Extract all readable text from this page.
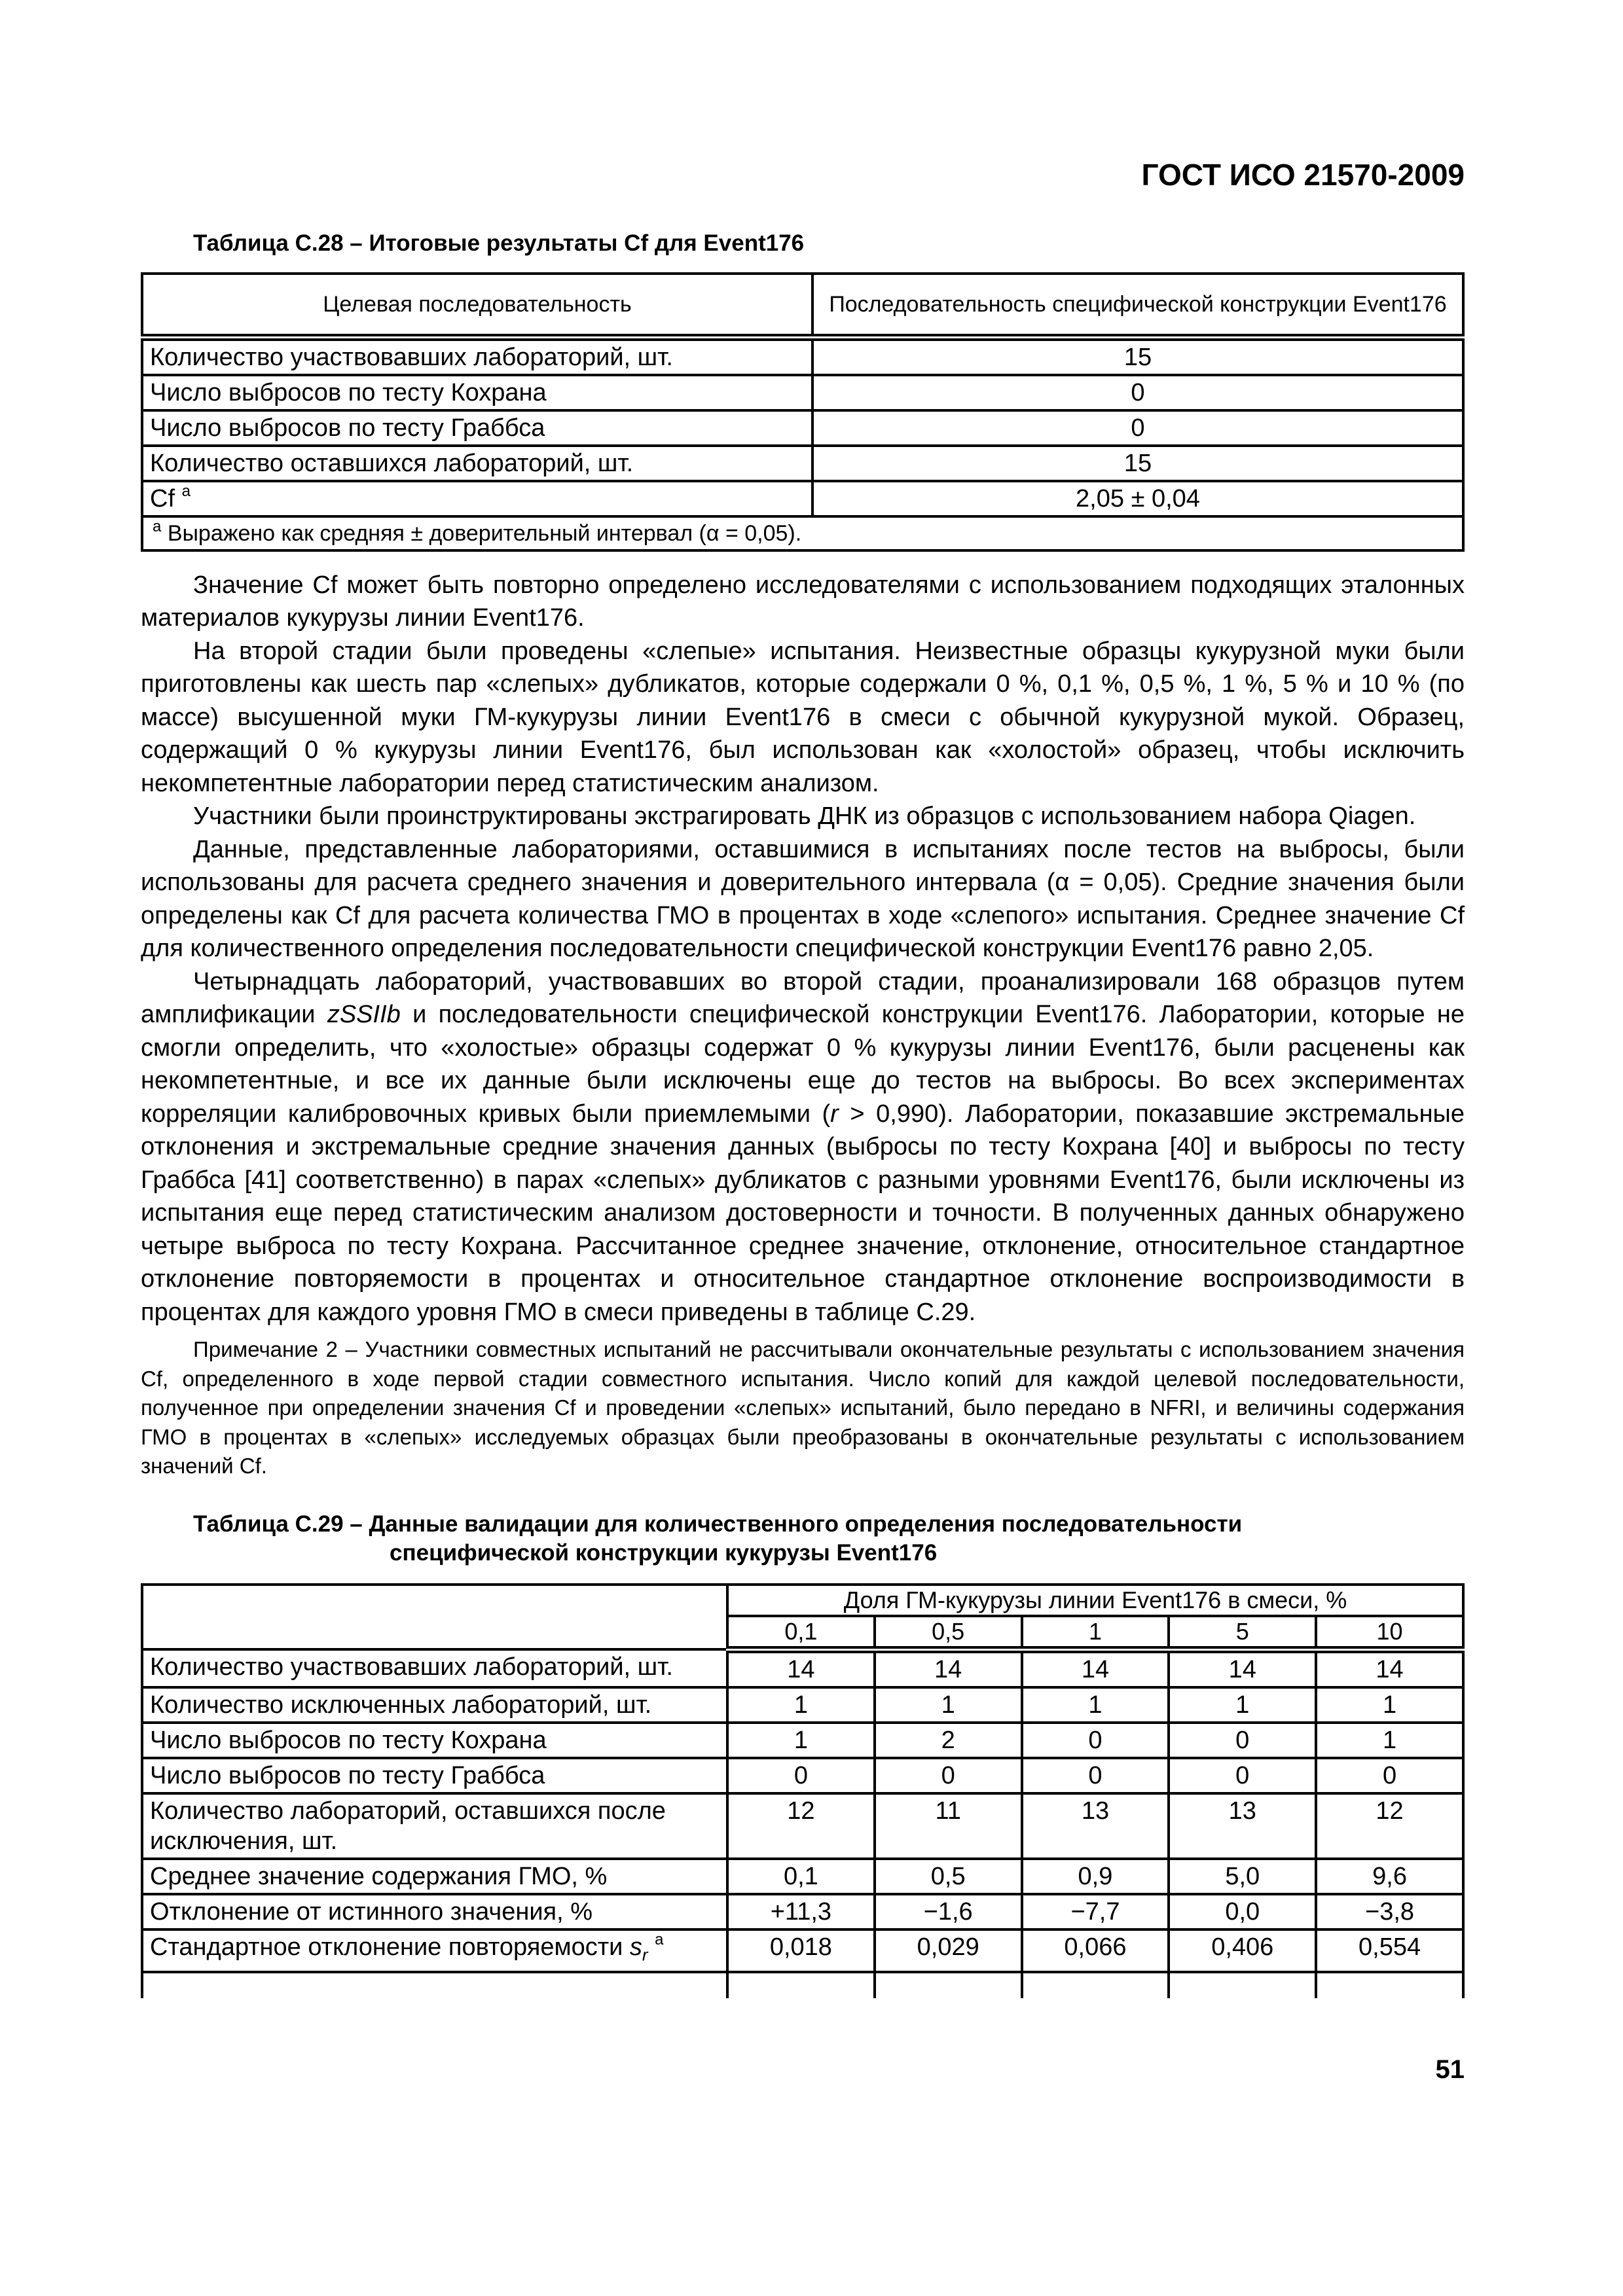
ГОСТ ИСО 21570-2009
Таблица С.28 – Итоговые результаты Cf для Event176
Целевая последовательность	Последовательность специфической конструкции Event176
Количество участвовавших лабораторий, шт.	15
Число выбросов по тесту Кохрана	0
Число выбросов по тесту Граббса	0
Количество оставшихся лабораторий, шт.	15
Cf $^a$	2,05 ± 0,04
$^a$ Выражено как средняя ± доверительный интервал (α = 0,05).	

Значение Cf может быть повторно определено исследователями с использованием подходящих эталонных материалов кукурузы линии Event176.

На второй стадии были проведены «слепые» испытания. Неизвестные образцы кукурузной муки были приготовлены как шесть пар «слепых» дубликатов, которые содержали 0 %, 0,1 %, 0,5 %, 1 %, 5 % и 10 % (по массе) высушенной муки ГМ-кукурузы линии Event176 в смеси с обычной кукурузной мукой. Образец, содержащий 0 % кукурузы линии Event176, был использован как «холостой» образец, чтобы исключить некомпетентные лаборатории перед статистическим анализом.

Участники были проинструктированы экстрагировать ДНК из образцов с использованием набора Qiagen.

Данные, представленные лабораториями, оставшимися в испытаниях после тестов на выбросы, были использованы для расчета среднего значения и доверительного интервала (α = 0,05). Средние значения были определены как Cf для расчета количества ГМО в процентах в ходе «слепого» испытания. Среднее значение Cf для количественного определения последовательности специфической конструкции Event176 равно 2,05.

Четырнадцать лабораторий, участвовавших во второй стадии, проанализировали 168 образцов путем амплификации zSSIIb и последовательности специфической конструкции Event176. Лаборатории, которые не смогли определить, что «холостые» образцы содержат 0 % кукурузы линии Event176, были расценены как некомпетентные, и все их данные были исключены еще до тестов на выбросы. Во всех экспериментах корреляции калибровочных кривых были приемлемыми (r > 0,990). Лаборатории, показавшие экстремальные отклонения и экстремальные средние значения данных (выбросы по тесту Кохрана [40] и выбросы по тесту Граббса [41] соответственно) в парах «слепых» дубликатов с разными уровнями Event176, были исключены из испытания еще перед статистическим анализом достоверности и точности. В полученных данных обнаружено четыре выброса по тесту Кохрана. Рассчитанное среднее значение, отклонение, относительное стандартное отклонение повторяемости в процентах и относительное стандартное отклонение воспроизводимости в процентах для каждого уровня ГМО в смеси приведены в таблице С.29.

Примечание 2 – Участники совместных испытаний не рассчитывали окончательные результаты с использованием значения Cf, определенного в ходе первой стадии совместного испытания. Число копий для каждой целевой последовательности, полученное при определении значения Cf и проведении «слепых» испытаний, было передано в NFRI, и величины содержания ГМО в процентах в «слепых» исследуемых образцах были преобразованы в окончательные результаты с использованием значений Cf.

Таблица С.29 – Данные валидации для количественного определения последовательности
специфической конструкции кукурузы Event176
	Доля ГМ-кукурузы линии Event176 в смеси, %				
	0,1	0,5	1	5	10
Количество участвовавших лабораторий, шт.	14	14	14	14	14
Количество исключенных лабораторий, шт.	1	1	1	1	1
Число выбросов по тесту Кохрана	1	2	0	0	1
Число выбросов по тесту Граббса	0	0	0	0	0
Количество лабораторий, оставшихся после исключения, шт.	12	11	13	13	12
Среднее значение содержания ГМО, %	0,1	0,5	0,9	5,0	9,6
Отклонение от истинного значения, %	+11,3	−1,6	−7,7	0,0	−3,8
Стандартное отклонение повторяемости $s_r$ $^a$	0,018	0,029	0,066	0,406	0,554

51
